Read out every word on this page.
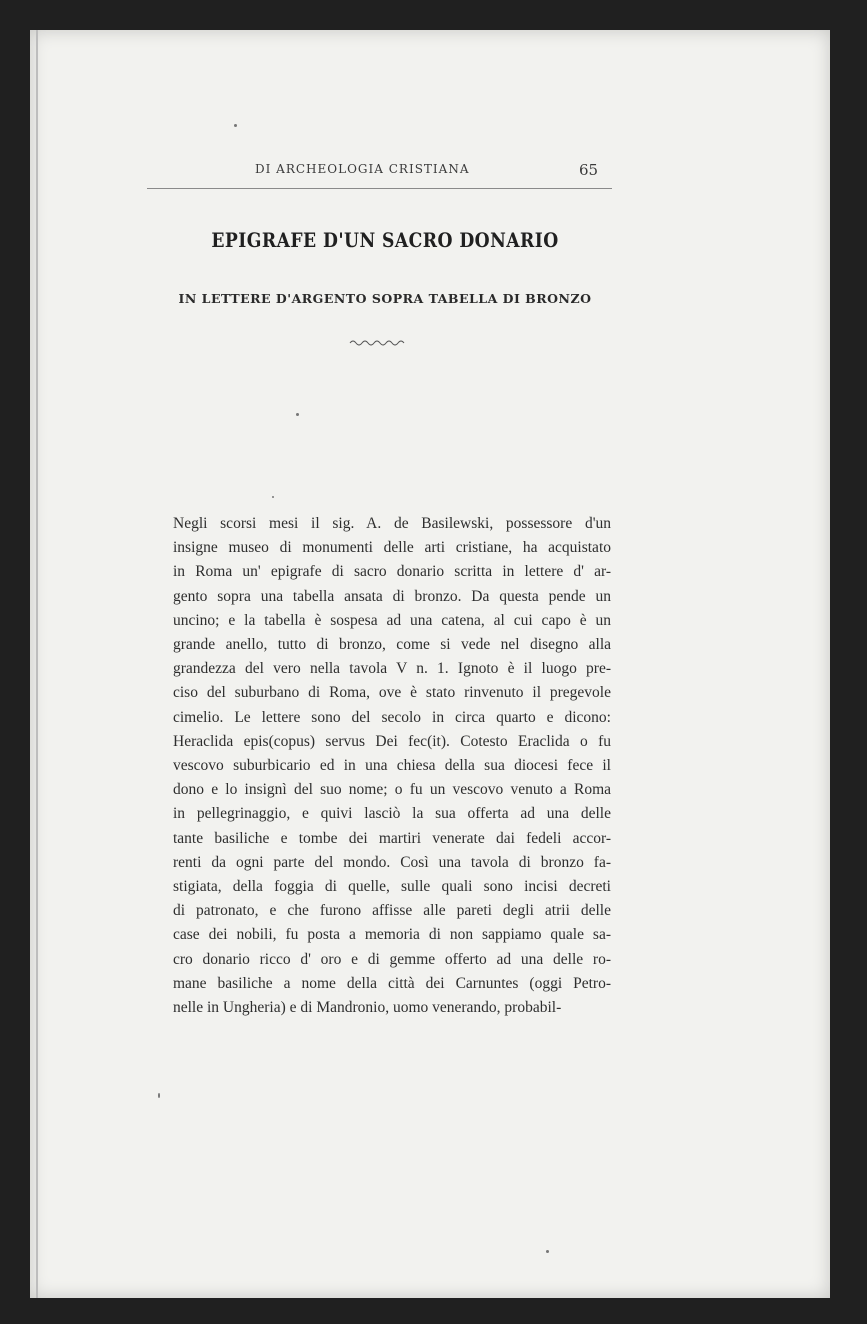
DI ARCHEOLOGIA CRISTIANA	65
EPIGRAFE D'UN SACRO DONARIO
IN LETTERE D'ARGENTO SOPRA TABELLA DI BRONZO
Negli scorsi mesi il sig. A. de Basilewski, possessore d'un
insigne museo di monumenti delle arti cristiane, ha acquistato
in Roma un' epigrafe di sacro donario scritta in lettere d' ar-
gento sopra una tabella ansata di bronzo. Da questa pende un
uncino; e la tabella è sospesa ad una catena, al cui capo è un
grande anello, tutto di bronzo, come si vede nel disegno alla
grandezza del vero nella tavola V n. 1. Ignoto è il luogo pre-
ciso del suburbano di Roma, ove è stato rinvenuto il pregevole
cimelio. Le lettere sono del secolo in circa quarto e dicono:
Heraclida epis(copus) servus Dei fec(it). Cotesto Eraclida o fu
vescovo suburbicario ed in una chiesa della sua diocesi fece il
dono e lo insignì del suo nome; o fu un vescovo venuto a Roma
in pellegrinaggio, e quivi lasciò la sua offerta ad una delle
tante basiliche e tombe dei martiri venerate dai fedeli accor-
renti da ogni parte del mondo. Così una tavola di bronzo fa-
stigiata, della foggia di quelle, sulle quali sono incisi decreti
di patronato, e che furono affisse alle pareti degli atrii delle
case dei nobili, fu posta a memoria di non sappiamo quale sa-
cro donario ricco d' oro e di gemme offerto ad una delle ro-
mane basiliche a nome della città dei Carnuntes (oggi Petro-
nelle in Ungheria) e di Mandronio, uomo venerando, probabil-
